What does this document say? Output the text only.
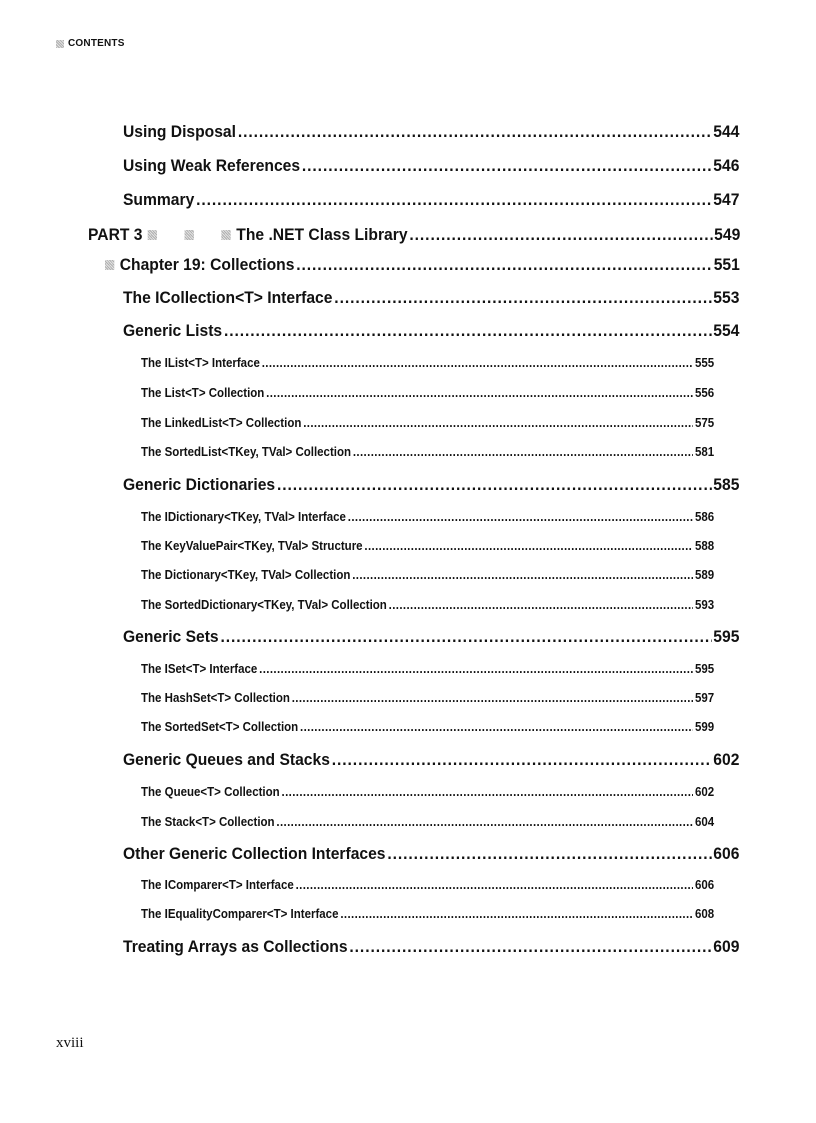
CONTENTS
Using Disposal .....	544
Using Weak References .....	546
Summary .....	547
PART 3	The .NET Class Library .....	549
Chapter 19: Collections .....	551
The ICollection<T> Interface .....	553
Generic Lists .....	554
The IList<T> Interface .....	555
The List<T> Collection .....	556
The LinkedList<T> Collection .....	575
The SortedList<TKey, TVal> Collection .....	581
Generic Dictionaries .....	585
The IDictionary<TKey, TVal> Interface .....	586
The KeyValuePair<TKey, TVal> Structure .....	588
The Dictionary<TKey, TVal> Collection .....	589
The SortedDictionary<TKey, TVal> Collection .....	593
Generic Sets .....	595
The ISet<T> Interface .....	595
The HashSet<T> Collection .....	597
The SortedSet<T> Collection .....	599
Generic Queues and Stacks .....	602
The Queue<T> Collection .....	602
The Stack<T> Collection .....	604
Other Generic Collection Interfaces .....	606
The IComparer<T> Interface .....	606
The IEqualityComparer<T> Interface .....	608
Treating Arrays as Collections .....	609
xviii
